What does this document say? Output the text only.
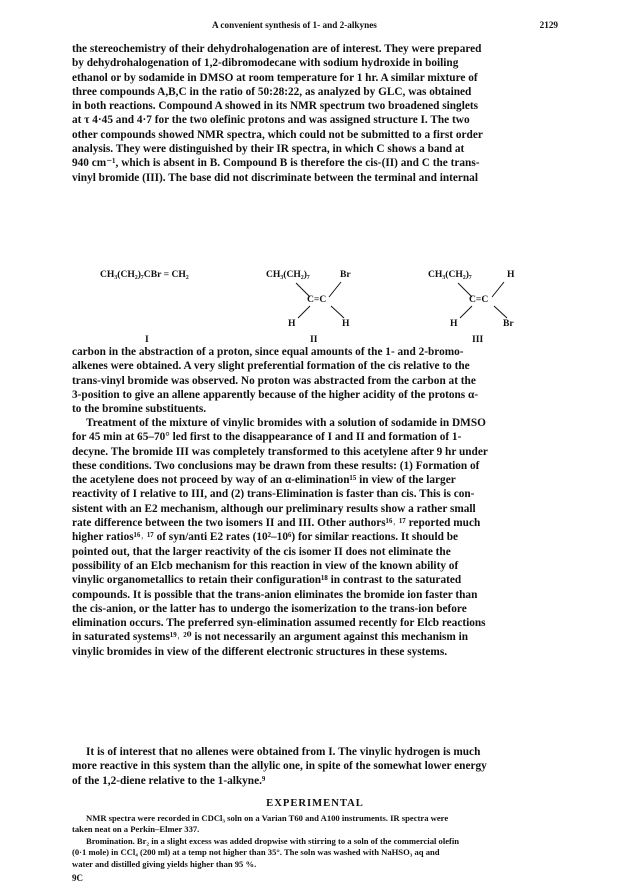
A convenient synthesis of 1- and 2-alkynes	2129
the stereochemistry of their dehydrohalogenation are of interest. They were prepared
by dehydrohalogenation of 1,2-dibromodecane with sodium hydroxide in boiling
ethanol or by sodamide in DMSO at room temperature for 1 hr. A similar mixture of
three compounds A,B,C in the ratio of 50:28:22, as analyzed by GLC, was obtained
in both reactions. Compound A showed in its NMR spectrum two broadened singlets
at τ 4·45 and 4·7 for the two olefinic protons and was assigned structure I. The two
other compounds showed NMR spectra, which could not be submitted to a first order
analysis. They were distinguished by their IR spectra, in which C shows a band at
940 cm⁻¹, which is absent in B. Compound B is therefore the cis-(II) and C the trans-
vinyl bromide (III). The base did not discriminate between the terminal and internal
CH₃(CH₂)₇CBr = CH₂	CH₃(CH₂)₇	Br
C=C
H	H
CH₃(CH₂)₇	H
C=C
H	Br
I	II	III
carbon in the abstraction of a proton, since equal amounts of the 1- and 2-bromo-
alkenes were obtained. A very slight preferential formation of the cis relative to the
trans-vinyl bromide was observed. No proton was abstracted from the carbon at the
3-position to give an allene apparently because of the higher acidity of the protons α-
to the bromine substituents.
Treatment of the mixture of vinylic bromides with a solution of sodamide in DMSO
for 45 min at 65–70° led first to the disappearance of I and II and formation of 1-
decyne. The bromide III was completely transformed to this acetylene after 9 hr under
these conditions. Two conclusions may be drawn from these results: (1) Formation of
the acetylene does not proceed by way of an α-elimination¹⁵ in view of the larger
reactivity of I relative to III, and (2) trans-Elimination is faster than cis. This is con-
sistent with an E2 mechanism, although our preliminary results show a rather small
rate difference between the two isomers II and III. Other authors¹⁶˒ ¹⁷ reported much
higher ratios¹⁶˒ ¹⁷ of syn/anti E2 rates (10²–10⁶) for similar reactions. It should be
pointed out, that the larger reactivity of the cis isomer II does not eliminate the
possibility of an Elcb mechanism for this reaction in view of the known ability of
vinylic organometallics to retain their configuration¹⁸ in contrast to the saturated
compounds. It is possible that the trans-anion eliminates the bromide ion faster than
the cis-anion, or the latter has to undergo the isomerization to the trans-ion before
elimination occurs. The preferred syn-elimination assumed recently for Elcb reactions
in saturated systems¹⁹˒ ²⁰ is not necessarily an argument against this mechanism in
vinylic bromides in view of the different electronic structures in these systems.
It is of interest that no allenes were obtained from I. The vinylic hydrogen is much
more reactive in this system than the allylic one, in spite of the somewhat lower energy
of the 1,2-diene relative to the 1-alkyne.⁹
EXPERIMENTAL
NMR spectra were recorded in CDCl₃ soln on a Varian T60 and A100 instruments. IR spectra were
taken neat on a Perkin–Elmer 337.
Bromination. Br₂ in a slight excess was added dropwise with stirring to a soln of the commercial olefin
(0·1 mole) in CCl₄ (200 ml) at a temp not higher than 35°. The soln was washed with NaHSO₃ aq and
water and distilled giving yields higher than 95 %.
9C
